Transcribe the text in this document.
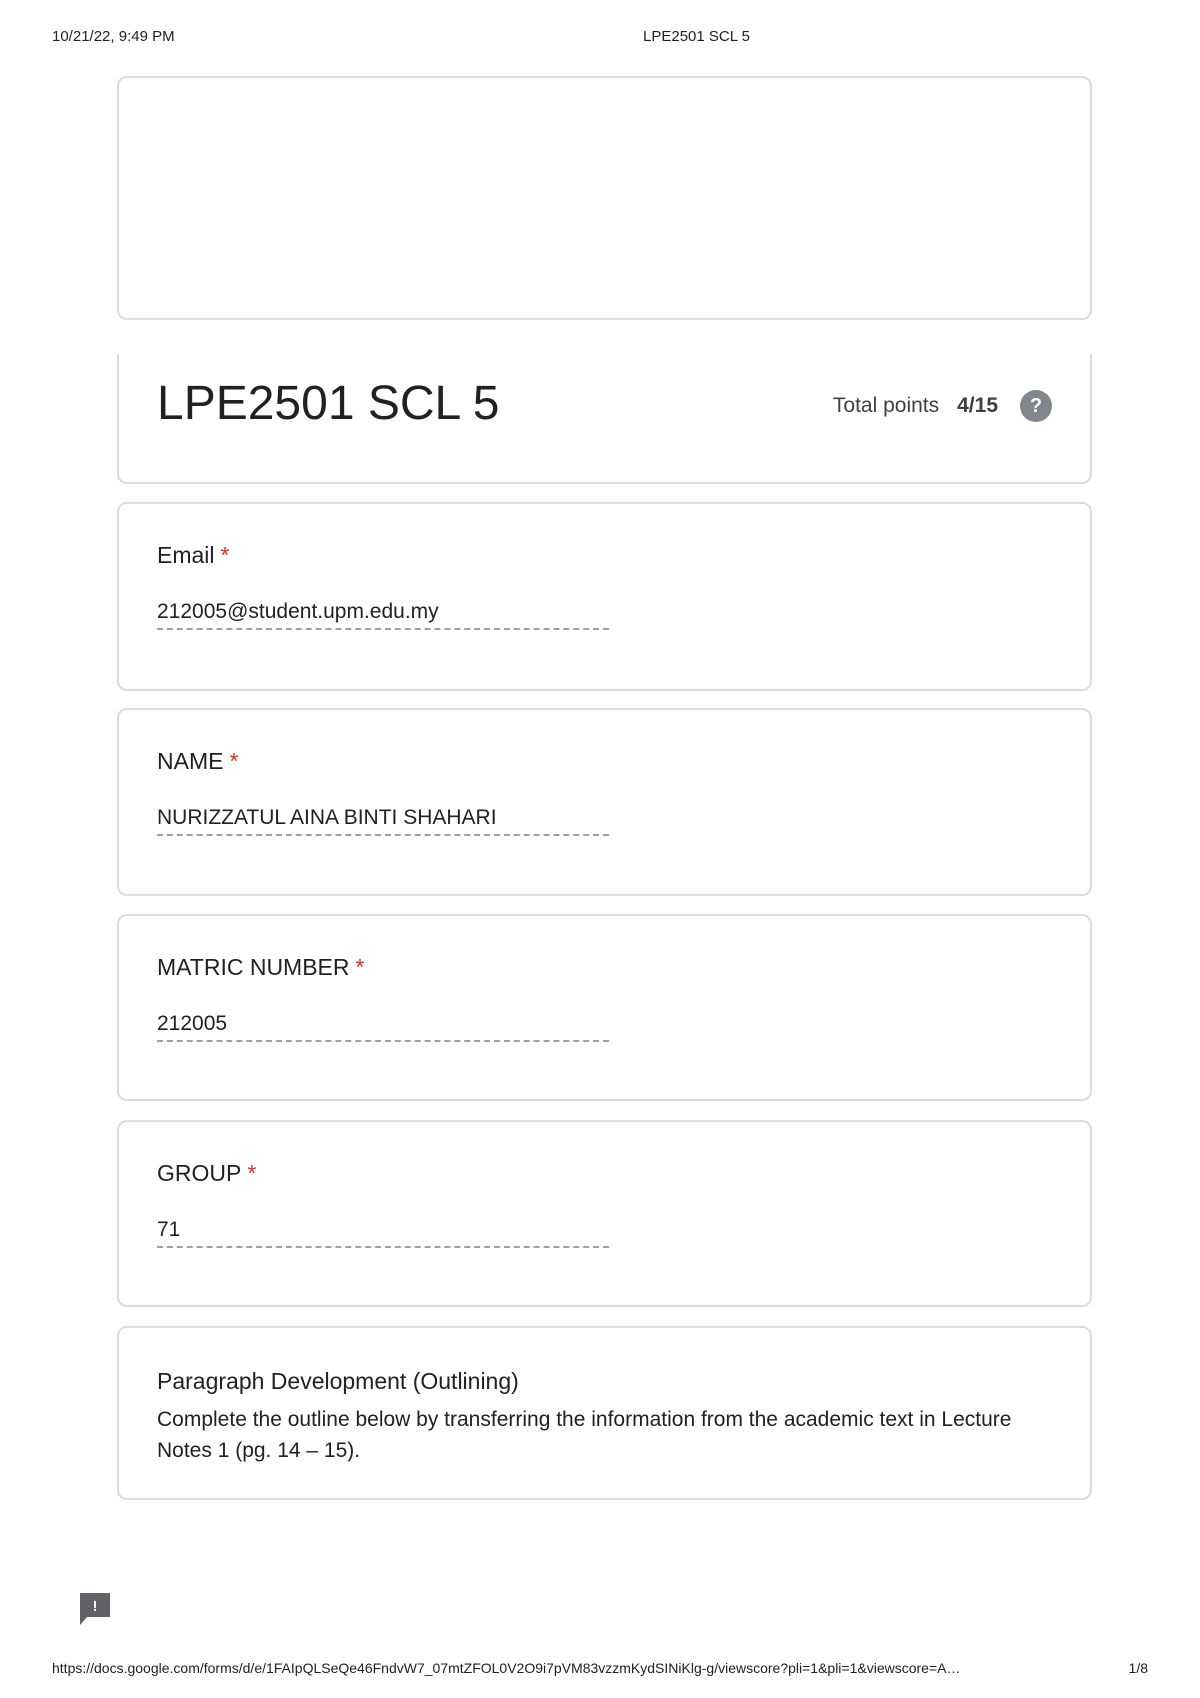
10/21/22, 9:49 PM	LPE2501 SCL 5
LPE2501 SCL 5	Total points 4/15	?
Email *
212005@student.upm.edu.my
NAME *
NURIZZATUL AINA BINTI SHAHARI
MATRIC NUMBER *
212005
GROUP *
71
Paragraph Development (Outlining)
Complete the outline below by transferring the information from the academic text in Lecture Notes 1 (pg. 14 – 15).
!
https://docs.google.com/forms/d/e/1FAIpQLSeQe46FndvW7_07mtZFOL0V2O9i7pVM83vzzmKydSINiKlg-g/viewscore?pli=1&pli=1&viewscore=A…	1/8
